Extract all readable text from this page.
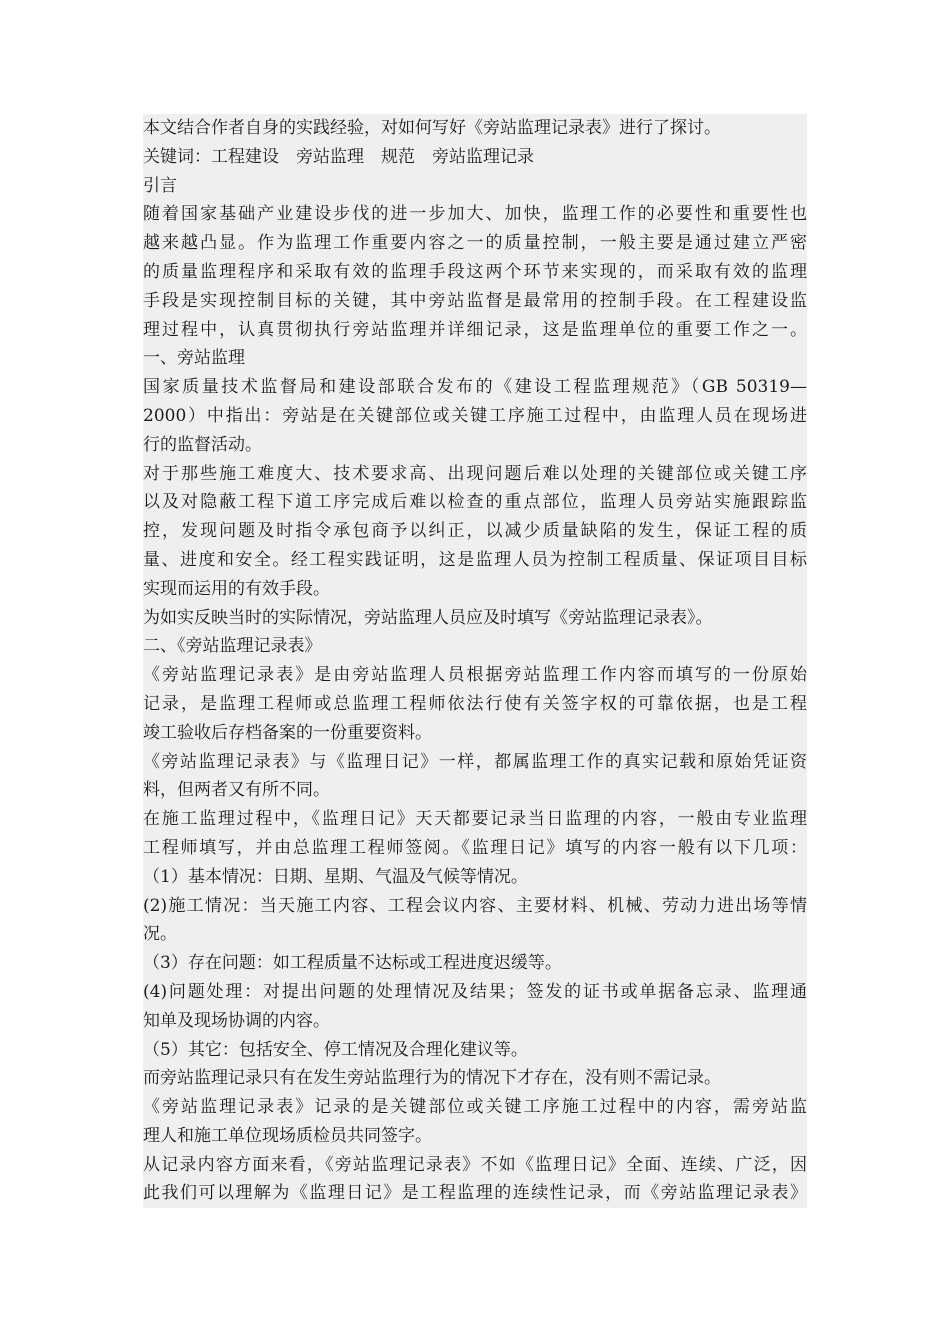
本文结合作者自身的实践经验，对如何写好《旁站监理记录表》进行了探讨。
关键词：工程建设　旁站监理　规范　旁站监理记录
引言
随着国家基础产业建设步伐的进一步加大、加快，监理工作的必要性和重要性也
越来越凸显。作为监理工作重要内容之一的质量控制，一般主要是通过建立严密
的质量监理程序和采取有效的监理手段这两个环节来实现的，而采取有效的监理
手段是实现控制目标的关键，其中旁站监督是最常用的控制手段。在工程建设监
理过程中，认真贯彻执行旁站监理并详细记录，这是监理单位的重要工作之一。
一、旁站监理
国家质量技术监督局和建设部联合发布的《建设工程监理规范》（GB 50319—
2000）中指出：旁站是在关键部位或关键工序施工过程中，由监理人员在现场进
行的监督活动。
对于那些施工难度大、技术要求高、出现问题后难以处理的关键部位或关键工序
以及对隐蔽工程下道工序完成后难以检查的重点部位，监理人员旁站实施跟踪监
控，发现问题及时指令承包商予以纠正，以减少质量缺陷的发生，保证工程的质
量、进度和安全。经工程实践证明，这是监理人员为控制工程质量、保证项目目标
实现而运用的有效手段。
为如实反映当时的实际情况，旁站监理人员应及时填写《旁站监理记录表》。
二、《旁站监理记录表》
《旁站监理记录表》是由旁站监理人员根据旁站监理工作内容而填写的一份原始
记录，是监理工程师或总监理工程师依法行使有关签字权的可靠依据，也是工程
竣工验收后存档备案的一份重要资料。
《旁站监理记录表》与《监理日记》一样，都属监理工作的真实记载和原始凭证资
料，但两者又有所不同。
在施工监理过程中，《监理日记》天天都要记录当日监理的内容，一般由专业监理
工程师填写，并由总监理工程师签阅。《监理日记》填写的内容一般有以下几项：
（1）基本情况：日期、星期、气温及气候等情况。
(2)施工情况：当天施工内容、工程会议内容、主要材料、机械、劳动力进出场等情
况。
（3）存在问题：如工程质量不达标或工程进度迟缓等。
(4)问题处理：对提出问题的处理情况及结果；签发的证书或单据备忘录、监理通
知单及现场协调的内容。
（5）其它：包括安全、停工情况及合理化建议等。
而旁站监理记录只有在发生旁站监理行为的情况下才存在，没有则不需记录。
《旁站监理记录表》记录的是关键部位或关键工序施工过程中的内容，需旁站监
理人和施工单位现场质检员共同签字。
从记录内容方面来看，《旁站监理记录表》不如《监理日记》全面、连续、广泛，因
此我们可以理解为《监理日记》是工程监理的连续性记录，而《旁站监理记录表》
